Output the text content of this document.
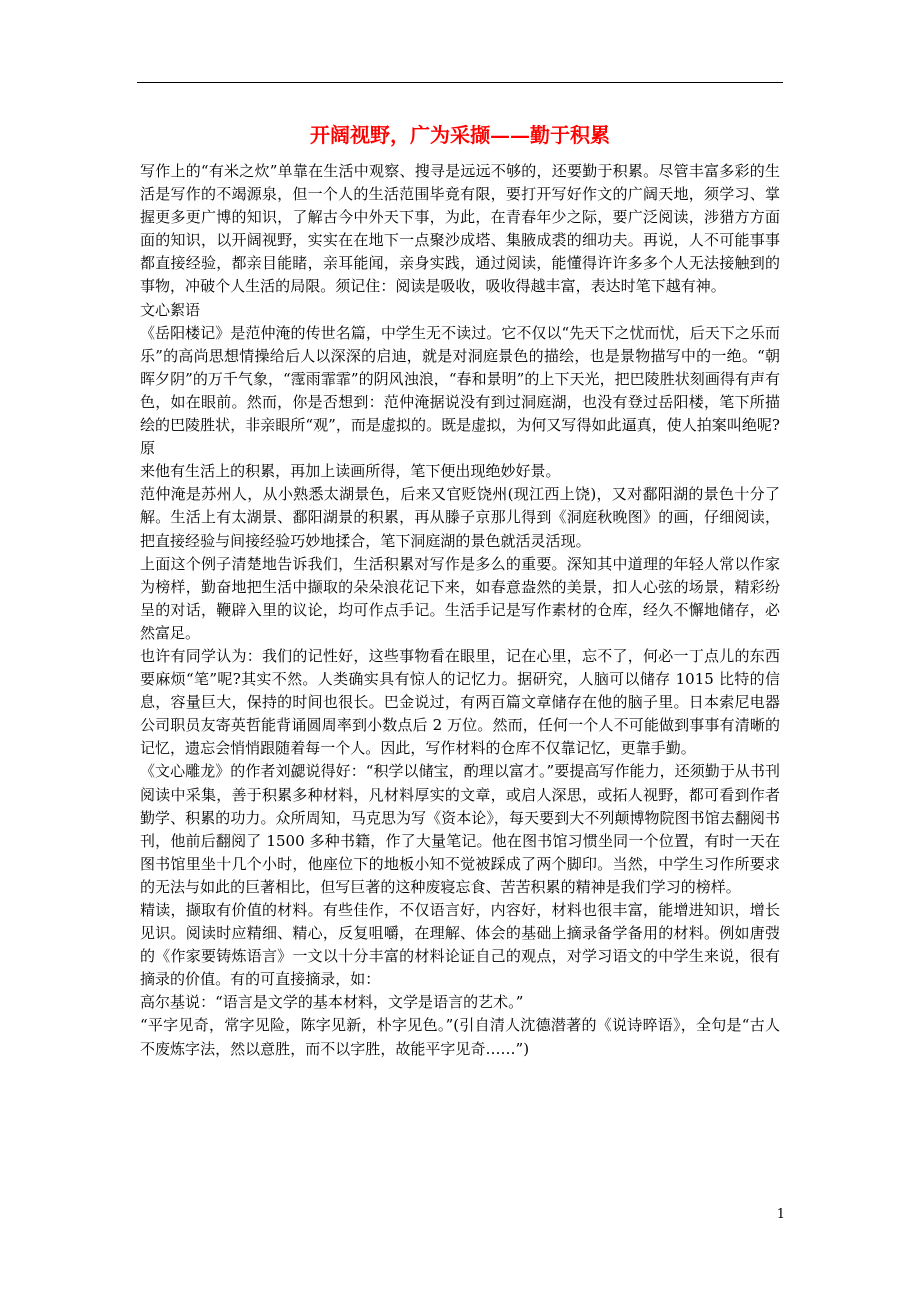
开阔视野，广为采撷——勤于积累

写作上的“有米之炊”单靠在生活中观察、搜寻是远远不够的，还要勤于积累。尽管丰富多彩的生活是写作的不竭源泉，但一个人的生活范围毕竟有限，要打开写好作文的广阔天地，须学习、掌握更多更广博的知识，了解古今中外天下事，为此，在青春年少之际，要广泛阅读，涉猎方方面面的知识，以开阔视野，实实在在地下一点聚沙成塔、集腋成裘的细功夫。再说，人不可能事事都直接经验，都亲目能睹，亲耳能闻，亲身实践，通过阅读，能懂得许许多多个人无法接触到的事物，冲破个人生活的局限。须记住：阅读是吸收，吸收得越丰富，表达时笔下越有神。

文心絮语

《岳阳楼记》是范仲淹的传世名篇，中学生无不读过。它不仅以“先天下之忧而忧，后天下之乐而乐”的高尚思想情操给后人以深深的启迪，就是对洞庭景色的描绘，也是景物描写中的一绝。“朝晖夕阴”的万千气象，“霪雨霏霏”的阴风浊浪，“春和景明”的上下天光，把巴陵胜状刻画得有声有色，如在眼前。然而，你是否想到：范仲淹据说没有到过洞庭湖，也没有登过岳阳楼，笔下所描绘的巴陵胜状，非亲眼所“观”，而是虚拟的。既是虚拟，为何又写得如此逼真，使人拍案叫绝呢?原

来他有生活上的积累，再加上读画所得，笔下便出现绝妙好景。

范仲淹是苏州人，从小熟悉太湖景色，后来又官贬饶州(现江西上饶)，又对鄱阳湖的景色十分了解。生活上有太湖景、鄱阳湖景的积累，再从滕子京那儿得到《洞庭秋晚图》的画，仔细阅读，把直接经验与间接经验巧妙地揉合，笔下洞庭湖的景色就活灵活现。

上面这个例子清楚地告诉我们，生活积累对写作是多么的重要。深知其中道理的年轻人常以作家为榜样，勤奋地把生活中撷取的朵朵浪花记下来，如春意盎然的美景，扣人心弦的场景，精彩纷呈的对话，鞭辟入里的议论，均可作点手记。生活手记是写作素材的仓库，经久不懈地储存，必然富足。

也许有同学认为：我们的记性好，这些事物看在眼里，记在心里，忘不了，何必一丁点儿的东西要麻烦“笔”呢?其实不然。人类确实具有惊人的记忆力。据研究，人脑可以储存 1015 比特的信息，容量巨大，保持的时间也很长。巴金说过，有两百篇文章储存在他的脑子里。日本索尼电器公司职员友寄英哲能背诵圆周率到小数点后 2 万位。然而，任何一个人不可能做到事事有清晰的记忆，遗忘会悄悄跟随着每一个人。因此，写作材料的仓库不仅靠记忆，更靠手勤。

《文心雕龙》的作者刘勰说得好：“积学以储宝，酌理以富才。”要提高写作能力，还须勤于从书刊阅读中采集，善于积累多种材料，凡材料厚实的文章，或启人深思，或拓人视野，都可看到作者勤学、积累的功力。众所周知，马克思为写《资本论》，每天要到大不列颠博物院图书馆去翻阅书刊，他前后翻阅了 1500 多种书籍，作了大量笔记。他在图书馆习惯坐同一个位置，有时一天在图书馆里坐十几个小时，他座位下的地板小知不觉被踩成了两个脚印。当然，中学生习作所要求的无法与如此的巨著相比，但写巨著的这种废寝忘食、苦苦积累的精神是我们学习的榜样。

精读，撷取有价值的材料。有些佳作，不仅语言好，内容好，材料也很丰富，能增进知识，增长见识。阅读时应精细、精心，反复咀嚼，在理解、体会的基础上摘录备学备用的材料。例如唐弢的《作家要铸炼语言》一文以十分丰富的材料论证自己的观点，对学习语文的中学生来说，很有摘录的价值。有的可直接摘录，如：

高尔基说：“语言是文学的基本材料，文学是语言的艺术。”

“平字见奇，常字见险，陈字见新，朴字见色。”(引自清人沈德潜著的《说诗晬语》，全句是“古人不废炼字法，然以意胜，而不以字胜，故能平字见奇……”)

1
